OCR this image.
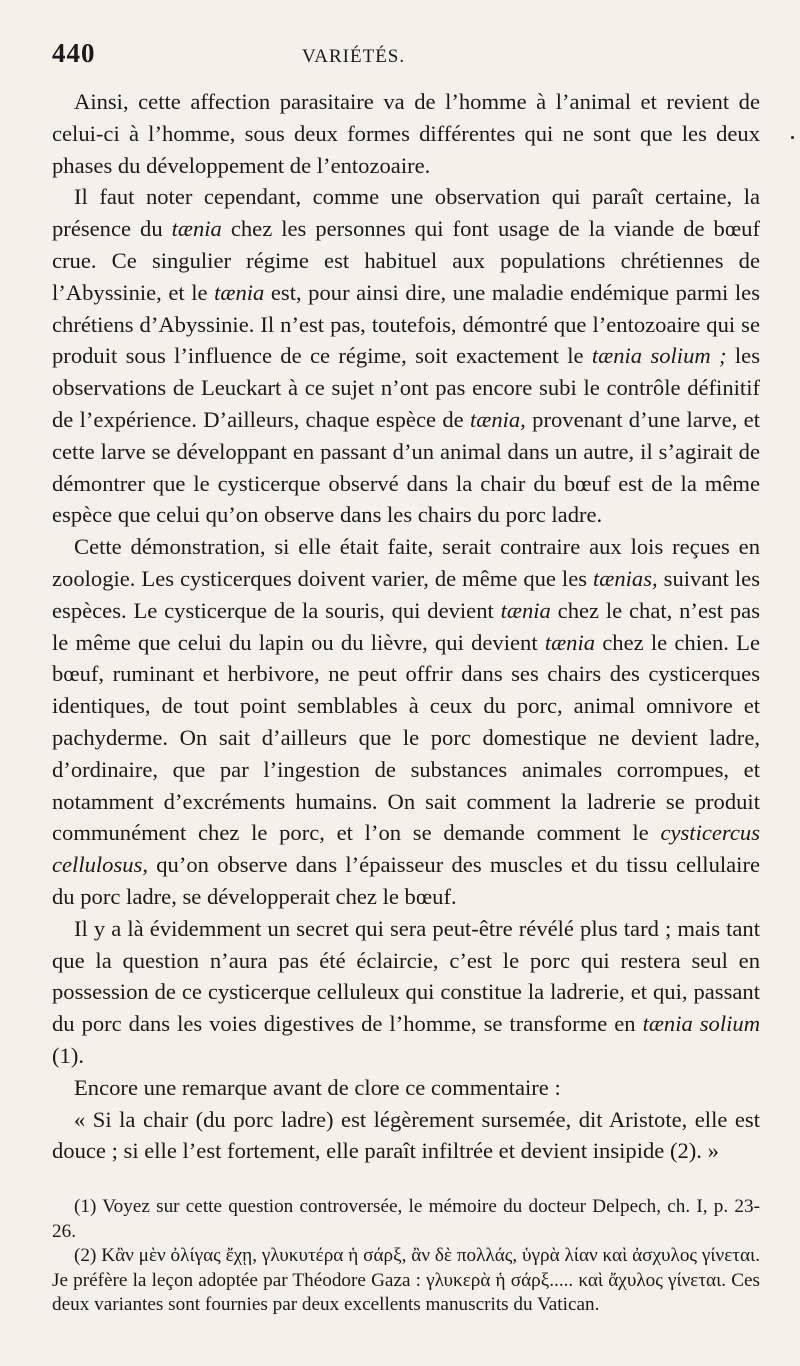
440	VARIÉTÉS.

Ainsi, cette affection parasitaire va de l’homme à l’animal et revient de celui-ci à l’homme, sous deux formes différentes qui ne sont que les deux phases du développement de l’entozoaire.

Il faut noter cependant, comme une observation qui paraît certaine, la présence du tænia chez les personnes qui font usage de la viande de bœuf crue. Ce singulier régime est habituel aux populations chrétiennes de l’Abyssinie, et le tænia est, pour ainsi dire, une maladie endémique parmi les chrétiens d’Abyssinie. Il n’est pas, toutefois, démontré que l’entozoaire qui se produit sous l’influence de ce régime, soit exactement le tænia solium ; les observations de Leuckart à ce sujet n’ont pas encore subi le contrôle définitif de l’expérience. D’ailleurs, chaque espèce de tænia, provenant d’une larve, et cette larve se développant en passant d’un animal dans un autre, il s’agirait de démontrer que le cysticerque observé dans la chair du bœuf est de la même espèce que celui qu’on observe dans les chairs du porc ladre.

Cette démonstration, si elle était faite, serait contraire aux lois reçues en zoologie. Les cysticerques doivent varier, de même que les tænias, suivant les espèces. Le cysticerque de la souris, qui devient tænia chez le chat, n’est pas le même que celui du lapin ou du lièvre, qui devient tænia chez le chien. Le bœuf, ruminant et herbivore, ne peut offrir dans ses chairs des cysticerques identiques, de tout point semblables à ceux du porc, animal omnivore et pachyderme. On sait d’ailleurs que le porc domestique ne devient ladre, d’ordinaire, que par l’ingestion de substances animales corrompues, et notamment d’excréments humains. On sait comment la ladrerie se produit communément chez le porc, et l’on se demande comment le cysticercus cellulosus, qu’on observe dans l’épaisseur des muscles et du tissu cellulaire du porc ladre, se développerait chez le bœuf.

Il y a là évidemment un secret qui sera peut-être révélé plus tard ; mais tant que la question n’aura pas été éclaircie, c’est le porc qui restera seul en possession de ce cysticerque celluleux qui constitue la ladrerie, et qui, passant du porc dans les voies digestives de l’homme, se transforme en tænia solium (1).

Encore une remarque avant de clore ce commentaire :

« Si la chair (du porc ladre) est légèrement sursemée, dit Aristote, elle est douce ; si elle l’est fortement, elle paraît infiltrée et devient insipide (2). »

(1) Voyez sur cette question controversée, le mémoire du docteur Delpech, ch. I, p. 23-26.

(2) Κἂν μὲν ὀλίγας ἔχῃ, γλυκυτέρα ἡ σάρξ, ἂν δὲ πολλάς, ὑγρὰ λίαν καὶ ἀσχυλος γίνεται. Je préfère la leçon adoptée par Théodore Gaza : γλυκερὰ ἡ σάρξ..... καὶ ἄχυλος γίνεται. Ces deux variantes sont fournies par deux excellents manuscrits du Vatican.
